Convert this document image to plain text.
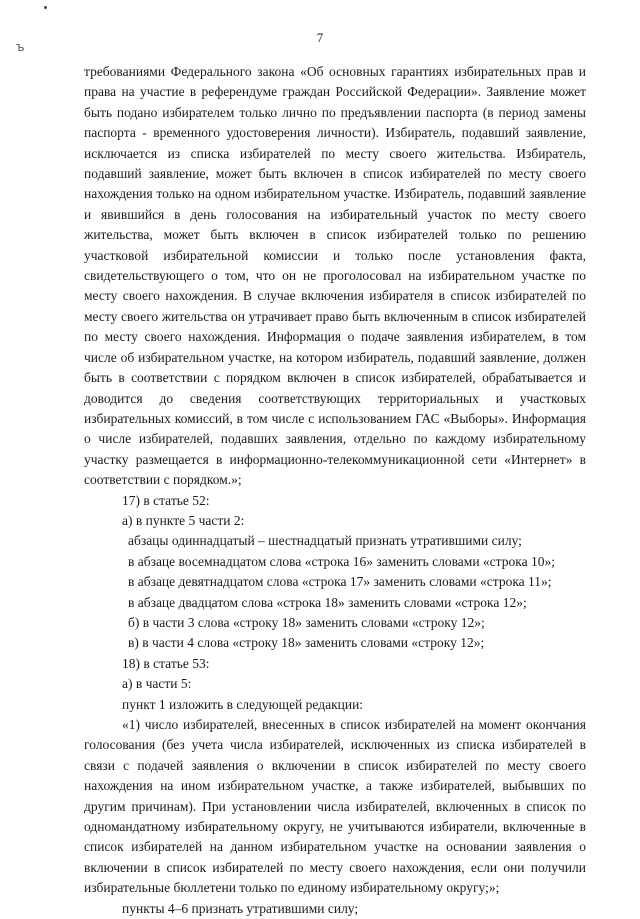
ъ
7

требованиями Федерального закона «Об основных гарантиях избирательных прав и права на участие в референдуме граждан Российской Федерации». Заявление может быть подано избирателем только лично по предъявлении паспорта (в период замены паспорта - временного удостоверения личности). Избиратель, подавший заявление, исключается из списка избирателей по месту своего жительства. Избиратель, подавший заявление, может быть включен в список избирателей по месту своего нахождения только на одном избирательном участке. Избиратель, подавший заявление и явившийся в день голосования на избирательный участок по месту своего жительства, может быть включен в список избирателей только по решению участковой избирательной комиссии и только после установления факта, свидетельствующего о том, что он не проголосовал на избирательном участке по месту своего нахождения. В случае включения избирателя в список избирателей по месту своего жительства он утрачивает право быть включенным в список избирателей по месту своего нахождения. Информация о подаче заявления избирателем, в том числе об избирательном участке, на котором избиратель, подавший заявление, должен быть в соответствии с порядком включен в список избирателей, обрабатывается и доводится до сведения соответствующих территориальных и участковых избирательных комиссий, в том числе с использованием ГАС «Выборы». Информация о числе избирателей, подавших заявления, отдельно по каждому избирательному участку размещается в информационно-телекоммуникационной сети «Интернет» в соответствии с порядком.»;

17) в статье 52:

а) в пункте 5 части 2:

абзацы одиннадцатый – шестнадцатый признать утратившими силу;

в абзаце восемнадцатом слова «строка 16» заменить словами «строка 10»;

в абзаце девятнадцатом слова «строка 17» заменить словами «строка 11»;

в абзаце двадцатом слова «строка 18» заменить словами «строка 12»;

б) в части 3 слова «строку 18» заменить словами «строку 12»;

в) в части 4 слова «строку 18» заменить словами «строку 12»;

18) в статье 53:

а) в части 5:

пункт 1 изложить в следующей редакции:

«1) число избирателей, внесенных в список избирателей на момент окончания голосования (без учета числа избирателей, исключенных из списка избирателей в связи с подачей заявления о включении в список избирателей по месту своего нахождения на ином избирательном участке, а также избирателей, выбывших по другим причинам). При установлении числа избирателей, включенных в список по одномандатному избирательному округу, не учитываются избиратели, включенные в список избирателей на данном избирательном участке на основании заявления о включении в список избирателей по месту своего нахождения, если они получили избирательные бюллетени только по единому избирательному округу;»;

пункты 4–6 признать утратившими силу;
